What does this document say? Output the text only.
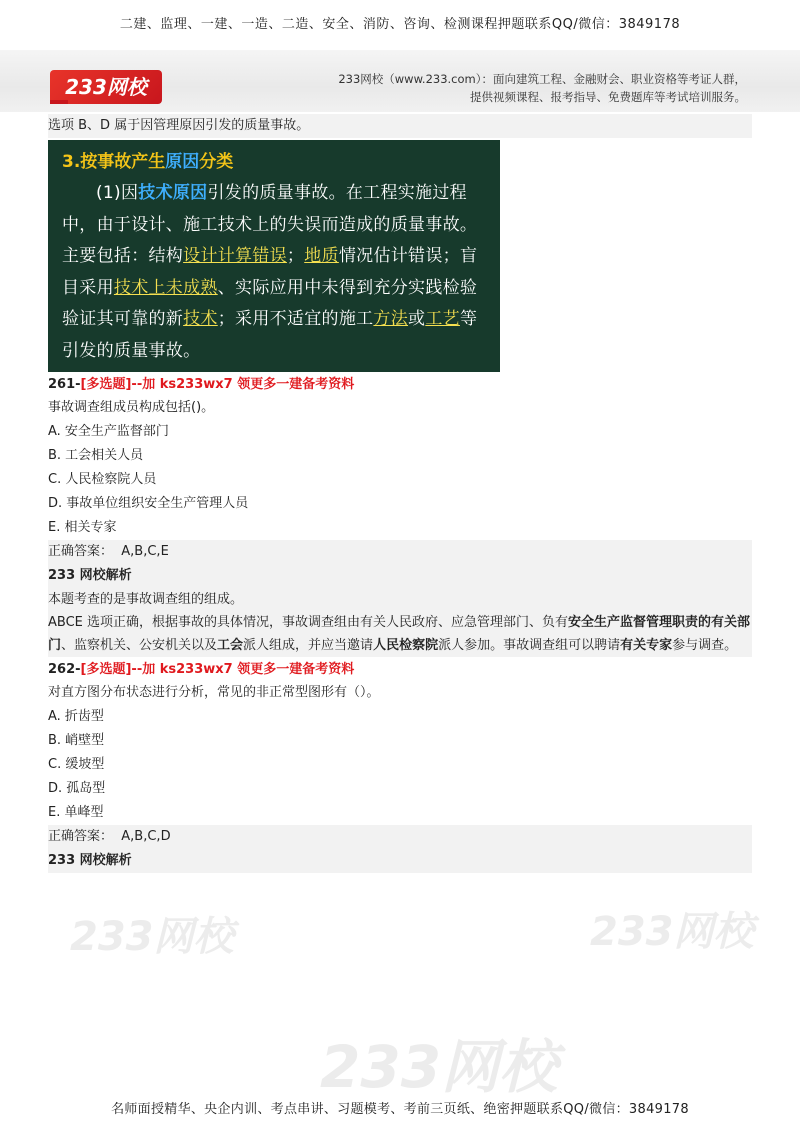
二建、监理、一建、一造、二造、安全、消防、咨询、检测课程押题联系QQ/微信：3849178
233网校	233网校（www.233.com）：面向建筑工程、金融财会、职业资格等考证人群，
提供视频课程、报考指导、免费题库等考试培训服务。
233网校	233网校
233网校
选项 B、D 属于因管理原因引发的质量事故。
3.按事故产生原因分类
(1)因技术原因引发的质量事故。在工程实施过程中，由于设计、施工技术上的失误而造成的质量事故。主要包括：结构设计计算错误；地质情况估计错误；盲目采用技术上未成熟、实际应用中未得到充分实践检验验证其可靠的新技术；采用不适宜的施工方法或工艺等引发的质量事故。
261-[多选题]--加 ks233wx7 领更多一建备考资料
事故调查组成员构成包括()。
A. 安全生产监督部门
B. 工会相关人员
C. 人民检察院人员
D. 事故单位组织安全生产管理人员
E. 相关专家
正确答案： A,B,C,E
233 网校解析
本题考查的是事故调查组的组成。
ABCE 选项正确，根据事故的具体情况，事故调查组由有关人民政府、应急管理部门、负有安全生产监督管理职责的有关部门、监察机关、公安机关以及工会派人组成，并应当邀请人民检察院派人参加。事故调查组可以聘请有关专家参与调查。
262-[多选题]--加 ks233wx7 领更多一建备考资料
对直方图分布状态进行分析，常见的非正常型图形有（）。
A. 折齿型
B. 峭壁型
C. 缓坡型
D. 孤岛型
E. 单峰型
正确答案： A,B,C,D
233 网校解析
名师面授精华、央企内训、考点串讲、习题模考、考前三页纸、绝密押题联系QQ/微信：3849178
